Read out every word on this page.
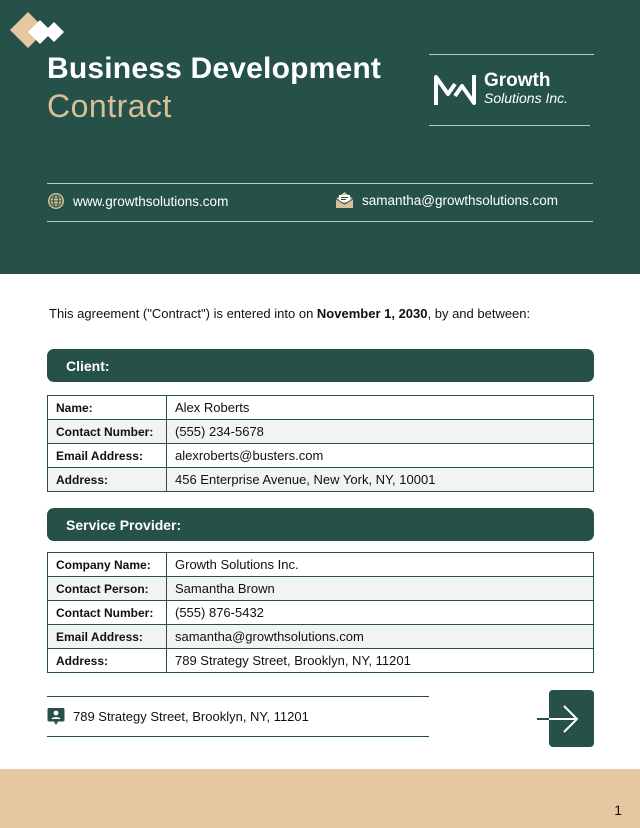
Business Development
Contract
Growth
Solutions Inc.
www.growthsolutions.com	samantha@growthsolutions.com
This agreement ("Contract") is entered into on November 1, 2030, by and between:
Client:
Name:	Alex Roberts
Contact Number:	(555) 234-5678
Email Address:	alexroberts@busters.com
Address:	456 Enterprise Avenue, New York, NY, 10001
Service Provider:
Company Name:	Growth Solutions Inc.
Contact Person:	Samantha Brown
Contact Number:	(555) 876-5432
Email Address:	samantha@growthsolutions.com
Address:	789 Strategy Street, Brooklyn, NY, 11201
789 Strategy Street, Brooklyn, NY, 11201
1
